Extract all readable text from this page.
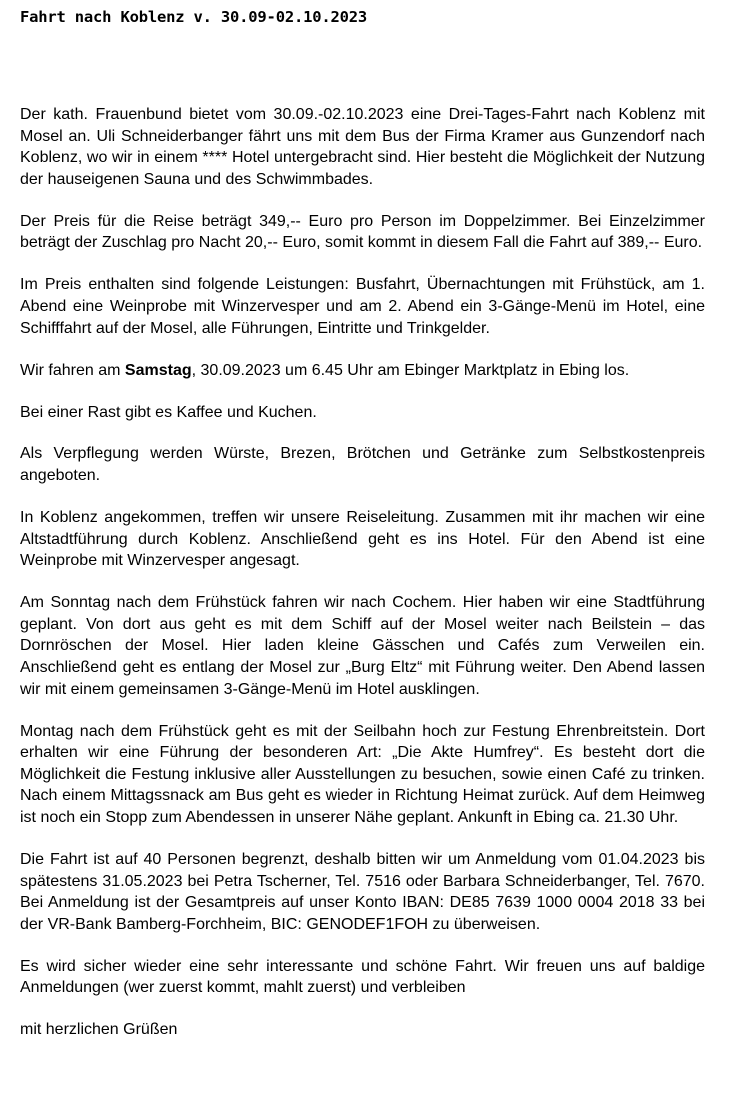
Fahrt nach Koblenz v. 30.09-02.10.2023

Der kath. Frauenbund bietet vom 30.09.-02.10.2023 eine Drei-Tages-Fahrt nach Koblenz mit Mosel an. Uli Schneiderbanger fährt uns mit dem Bus der Firma Kramer aus Gunzendorf nach Koblenz, wo wir in einem **** Hotel untergebracht sind. Hier besteht die Möglichkeit der Nutzung der hauseigenen Sauna und des Schwimmbades.

Der Preis für die Reise beträgt 349,-- Euro pro Person im Doppelzimmer. Bei Einzelzimmer beträgt der Zuschlag pro Nacht 20,-- Euro, somit kommt in diesem Fall die Fahrt auf 389,-- Euro.

Im Preis enthalten sind folgende Leistungen: Busfahrt, Übernachtungen mit Frühstück, am 1. Abend eine Weinprobe mit Winzervesper und am 2. Abend ein 3-Gänge-Menü im Hotel, eine Schifffahrt auf der Mosel, alle Führungen, Eintritte und Trinkgelder.

Wir fahren am Samstag, 30.09.2023 um 6.45 Uhr am Ebinger Marktplatz in Ebing los.

Bei einer Rast gibt es Kaffee und Kuchen.

Als Verpflegung werden Würste, Brezen, Brötchen und Getränke zum Selbstkostenpreis angeboten.

In Koblenz angekommen, treffen wir unsere Reiseleitung. Zusammen mit ihr machen wir eine Altstadtführung durch Koblenz. Anschließend geht es ins Hotel. Für den Abend ist eine Weinprobe mit Winzervesper angesagt.

Am Sonntag nach dem Frühstück fahren wir nach Cochem. Hier haben wir eine Stadtführung geplant. Von dort aus geht es mit dem Schiff auf der Mosel weiter nach Beilstein – das Dornröschen der Mosel. Hier laden kleine Gässchen und Cafés zum Verweilen ein. Anschließend geht es entlang der Mosel zur „Burg Eltz“ mit Führung weiter. Den Abend lassen wir mit einem gemeinsamen 3-Gänge-Menü im Hotel ausklingen.

Montag nach dem Frühstück geht es mit der Seilbahn hoch zur Festung Ehrenbreitstein. Dort erhalten wir eine Führung der besonderen Art: „Die Akte Humfrey“. Es besteht dort die Möglichkeit die Festung inklusive aller Ausstellungen zu besuchen, sowie einen Café zu trinken. Nach einem Mittagssnack am Bus geht es wieder in Richtung Heimat zurück. Auf dem Heimweg ist noch ein Stopp zum Abendessen in unserer Nähe geplant. Ankunft in Ebing ca. 21.30 Uhr.

Die Fahrt ist auf 40 Personen begrenzt, deshalb bitten wir um Anmeldung vom 01.04.2023 bis spätestens 31.05.2023 bei Petra Tscherner, Tel. 7516 oder Barbara Schneiderbanger, Tel. 7670. Bei Anmeldung ist der Gesamtpreis auf unser Konto IBAN: DE85 7639 1000 0004 2018 33 bei der VR-Bank Bamberg-Forchheim, BIC: GENODEF1FOH zu überweisen.

Es wird sicher wieder eine sehr interessante und schöne Fahrt. Wir freuen uns auf baldige Anmeldungen (wer zuerst kommt, mahlt zuerst) und verbleiben

mit herzlichen Grüßen
